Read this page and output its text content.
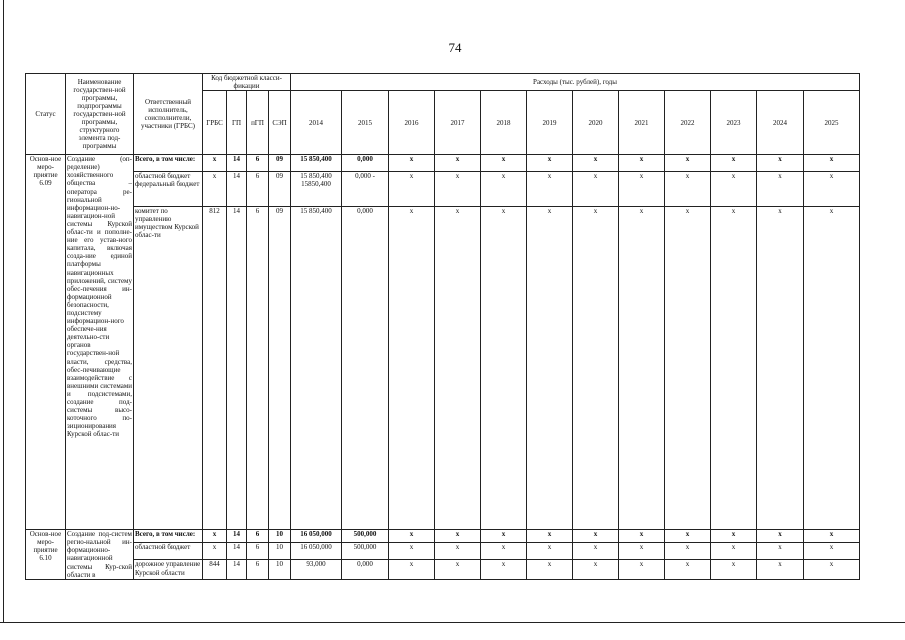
74
Статус	Наименование государствен-ной программы, подпрограммы государствен-ной программы, структурного элемента под-программы	Ответственный исполнитель, соисполнители, участники (ГРБС)	Код бюджетной класси-фикации				Расходы (тыс. рублей), годы											
			ГРБС	ГП	пГП	СЭП	2014	2015	2016	2017	2018	2019	2020	2021	2022	2023	2024	2025
Основ-ное меро-приятие 6.09	Создание (оп-ределение) хозяйственного общества – оператора ре-гиональной информацион-но-навигацион-ной системы Курской облас-ти и пополне-ние его устав-ного капитала, включая созда-ние единой платформы навигационных приложений, систему обес-печения ин-формационной безопасности, подсистему информацион-ного обеспече-ния деятельно-сти органов государствен-ной власти, средства, обес-печивающие взаимодействие с внешними системами и подсистемами, создание под-системы высо-коточного по-зиционирования Курской облас-ти	Всего, в том числе:	х	14	6	09	15 850,400	0,000	х	х	х	х	х	х	х	х	х	х
		областной бюджет федеральный бюджет	х	14	6	09	15 850,400 15850,400	0,000 -	х	х	х	х	х	х	х	х	х	х
		комитет по управлению имуществом Курской облас-ти	812	14	6	09	15 850,400	0,000	х	х	х	х	х	х	х	х	х	х
Основ-ное меро-приятие 6.10	Создание под-систем регио-нальной ин-формационно-навигационной системы Кур-ской области в	Всего, в том числе:	х	14	6	10	16 050,000	500,000	х	х	х	х	х	х	х	х	х	х
		областной бюджет	х	14	6	10	16 050,000	500,000	х	х	х	х	х	х	х	х	х	х
		дорожное управление Курской области	844	14	6	10	93,000	0,000	х	х	х	х	х	х	х	х	х	х
